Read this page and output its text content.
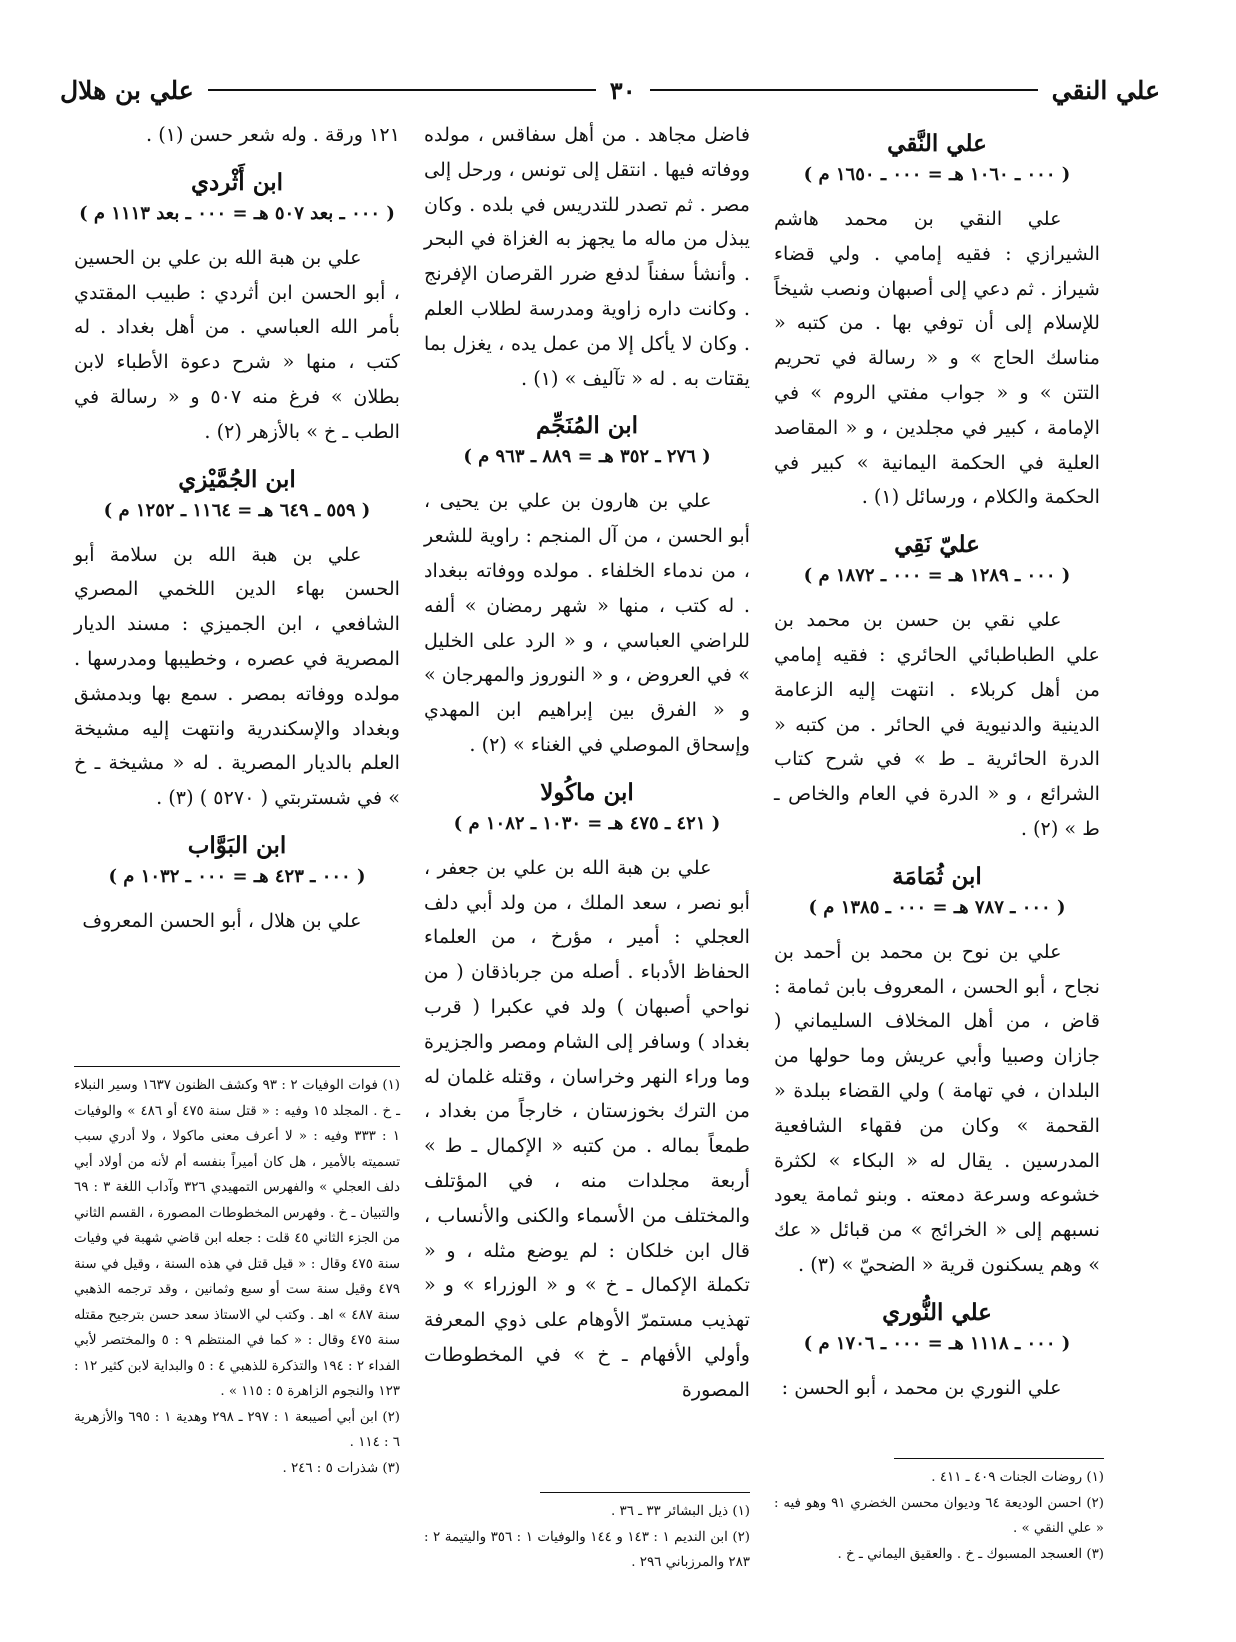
علي النقي
٣٠
علي بن هلال
علي النَّقي
( ٠٠٠ ـ ١٠٦٠ هـ = ٠٠٠ ـ ١٦٥٠ م )

علي النقي بن محمد هاشم الشيرازي : فقيه إمامي . ولي قضاء شيراز . ثم دعي إلى أصبهان ونصب شيخاً للإسلام إلى أن توفي بها . من كتبه « مناسك الحاج » و « رسالة في تحريم التتن » و « جواب مفتي الروم » في الإمامة ، كبير في مجلدين ، و « المقاصد العلية في الحكمة اليمانية » كبير في الحكمة والكلام ، ورسائل (١) .

عليّ نَقِي
( ٠٠٠ ـ ١٢٨٩ هـ = ٠٠٠ ـ ١٨٧٢ م )

علي نقي بن حسن بن محمد بن علي الطباطبائي الحائري : فقيه إمامي من أهل كربلاء . انتهت إليه الزعامة الدينية والدنيوية في الحائر . من كتبه « الدرة الحائرية ـ ط » في شرح كتاب الشرائع ، و « الدرة في العام والخاص ـ ط » (٢) .

ابن ثُمَامَة
( ٠٠٠ ـ ٧٨٧ هـ = ٠٠٠ ـ ١٣٨٥ م )

علي بن نوح بن محمد بن أحمد بن نجاح ، أبو الحسن ، المعروف بابن ثمامة : قاض ، من أهل المخلاف السليماني ( جازان وصبيا وأبي عريش وما حولها من البلدان ، في تهامة ) ولي القضاء ببلدة « القحمة » وكان من فقهاء الشافعية المدرسين . يقال له « البكاء » لكثرة خشوعه وسرعة دمعته . وبنو ثمامة يعود نسبهم إلى « الخرائج » من قبائل « عك » وهم يسكنون قرية « الضحيّ » (٣) .

علي النُّوري
( ٠٠٠ ـ ١١١٨ هـ = ٠٠٠ ـ ١٧٠٦ م )

علي النوري بن محمد ، أبو الحسن :

(١) روضات الجنات ٤٠٩ ـ ٤١١ .
(٢) احسن الوديعة ٦٤ وديوان محسن الخضري ٩١ وهو فيه : « علي النقي » .
(٣) العسجد المسبوك ـ خ . والعقيق اليماني ـ خ .

فاضل مجاهد . من أهل سفاقس ، مولده ووفاته فيها . انتقل إلى تونس ، ورحل إلى مصر . ثم تصدر للتدريس في بلده . وكان يبذل من ماله ما يجهز به الغزاة في البحر . وأنشأ سفناً لدفع ضرر القرصان الإفرنج . وكانت داره زاوية ومدرسة لطلاب العلم . وكان لا يأكل إلا من عمل يده ، يغزل بما يقتات به . له « تآليف » (١) .

ابن المُنَجِّم
( ٢٧٦ ـ ٣٥٢ هـ = ٨٨٩ ـ ٩٦٣ م )

علي بن هارون بن علي بن يحيى ، أبو الحسن ، من آل المنجم : راوية للشعر ، من ندماء الخلفاء . مولده ووفاته ببغداد . له كتب ، منها « شهر رمضان » ألفه للراضي العباسي ، و « الرد على الخليل » في العروض ، و « النوروز والمهرجان » و « الفرق بين إبراهيم ابن المهدي وإسحاق الموصلي في الغناء » (٢) .

ابن ماكُولا
( ٤٢١ ـ ٤٧٥ هـ = ١٠٣٠ ـ ١٠٨٢ م )

علي بن هبة الله بن علي بن جعفر ، أبو نصر ، سعد الملك ، من ولد أبي دلف العجلي : أمير ، مؤرخ ، من العلماء الحفاظ الأدباء . أصله من جرباذقان ( من نواحي أصبهان ) ولد في عكبرا ( قرب بغداد ) وسافر إلى الشام ومصر والجزيرة وما وراء النهر وخراسان ، وقتله غلمان له من الترك بخوزستان ، خارجاً من بغداد ، طمعاً بماله . من كتبه « الإكمال ـ ط » أربعة مجلدات منه ، في المؤتلف والمختلف من الأسماء والكنى والأنساب ، قال ابن خلكان : لم يوضع مثله ، و « تكملة الإكمال ـ خ » و « الوزراء » و « تهذيب مستمرّ الأوهام على ذوي المعرفة وأولي الأفهام ـ خ » في المخطوطات المصورة

(١) ذيل البشائر ٣٣ ـ ٣٦ .
(٢) ابن النديم ١ : ١٤٣ و ١٤٤ والوفيات ١ : ٣٥٦ واليتيمة ٢ : ٢٨٣ والمرزباني ٢٩٦ .

١٢١ ورقة . وله شعر حسن (١) .

ابن أَثْردي
( ٠٠٠ ـ بعد ٥٠٧ هـ = ٠٠٠ ـ بعد ١١١٣ م )

علي بن هبة الله بن علي بن الحسين ، أبو الحسن ابن أثردي : طبيب المقتدي بأمر الله العباسي . من أهل بغداد . له كتب ، منها « شرح دعوة الأطباء لابن بطلان » فرغ منه ٥٠٧ و « رسالة في الطب ـ خ » بالأزهر (٢) .

ابن الجُمَّيْزي
( ٥٥٩ ـ ٦٤٩ هـ = ١١٦٤ ـ ١٢٥٢ م )

علي بن هبة الله بن سلامة أبو الحسن بهاء الدين اللخمي المصري الشافعي ، ابن الجميزي : مسند الديار المصرية في عصره ، وخطيبها ومدرسها . مولده ووفاته بمصر . سمع بها وبدمشق وبغداد والإسكندرية وانتهت إليه مشيخة العلم بالديار المصرية . له « مشيخة ـ خ » في شستربتي ( ٥٢٧٠ ) (٣) .

ابن البَوَّاب
( ٠٠٠ ـ ٤٢٣ هـ = ٠٠٠ ـ ١٠٣٢ م )

علي بن هلال ، أبو الحسن المعروف

(١) فوات الوفيات ٢ : ٩٣ وكشف الظنون ١٦٣٧ وسير النبلاء ـ خ . المجلد ١٥ وفيه : « قتل سنة ٤٧٥ أو ٤٨٦ » والوفيات ١ : ٣٣٣ وفيه : « لا أعرف معنى ماكولا ، ولا أدري سبب تسميته بالأمير ، هل كان أميراً بنفسه أم لأنه من أولاد أبي دلف العجلي » والفهرس التمهيدي ٣٢٦ وآداب اللغة ٣ : ٦٩ والتبيان ـ خ . وفهرس المخطوطات المصورة ، القسم الثاني من الجزء الثاني ٤٥ قلت : جعله ابن قاضي شهبة في وفيات سنة ٤٧٥ وقال : « قيل قتل في هذه السنة ، وقيل في سنة ٤٧٩ وقيل سنة ست أو سبع وثمانين ، وقد ترجمه الذهبي سنة ٤٨٧ » اهـ . وكتب لي الاستاذ سعد حسن بترجيح مقتله سنة ٤٧٥ وقال : « كما في المنتظم ٩ : ٥ والمختصر لأبي الفداء ٢ : ١٩٤ والتذكرة للذهبي ٤ : ٥ والبداية لابن كثير ١٢ : ١٢٣ والنجوم الزاهرة ٥ : ١١٥ » .
(٢) ابن أبي أصيبعة ١ : ٢٩٧ ـ ٢٩٨ وهدية ١ : ٦٩٥ والأزهرية ٦ : ١١٤ .
(٣) شذرات ٥ : ٢٤٦ .
